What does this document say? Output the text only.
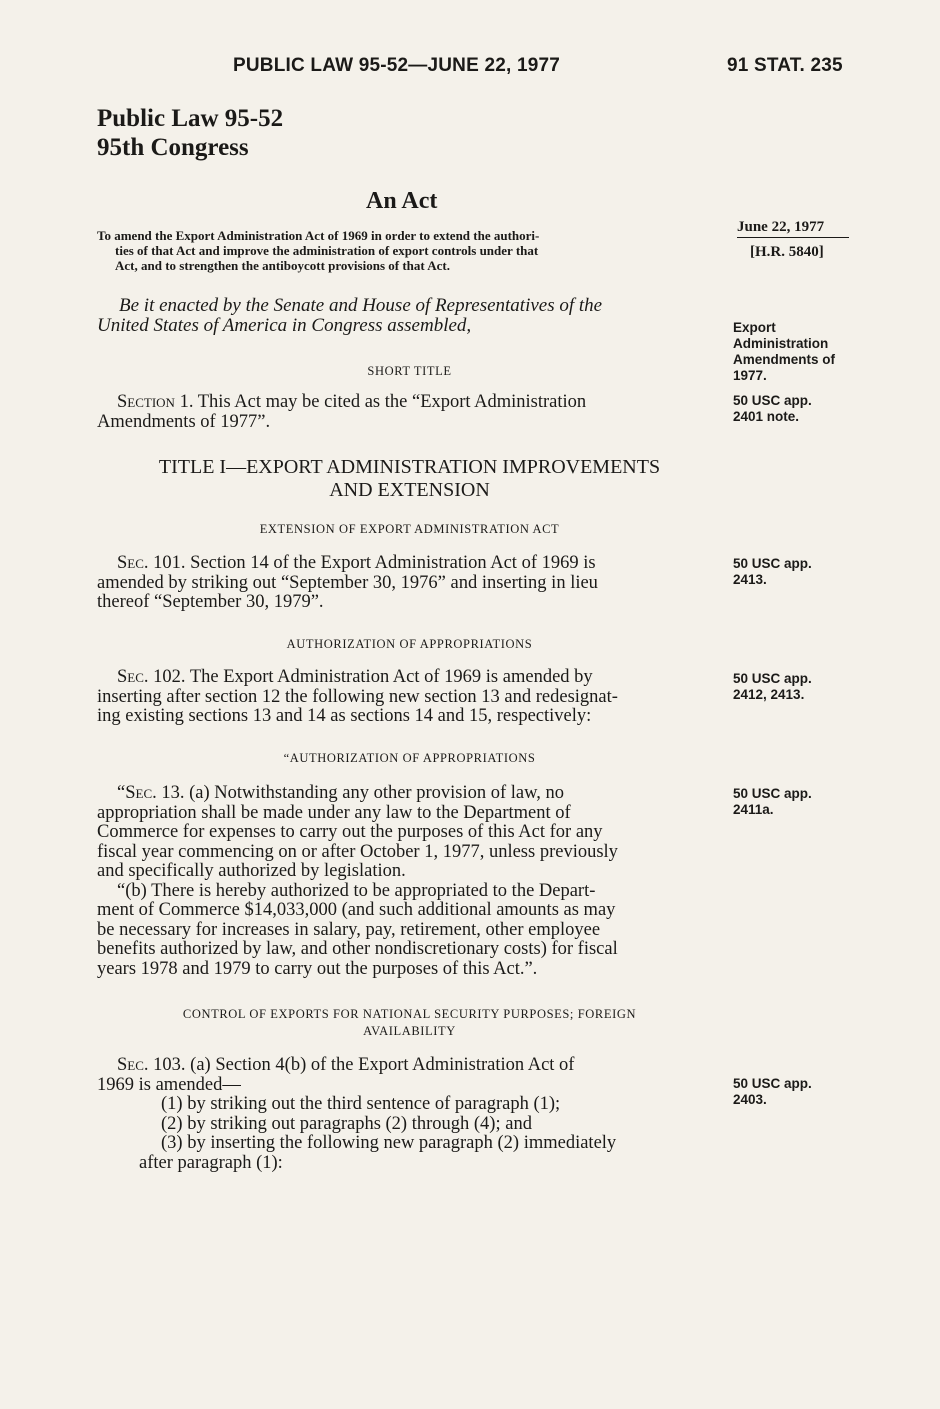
PUBLIC LAW 95-52—JUNE 22, 1977	91 STAT. 235
Public Law 95-52
95th Congress
An Act
To amend the Export Administration Act of 1969 in order to extend the authori-
ties of that Act and improve the administration of export controls under that
Act, and to strengthen the antiboycott provisions of that Act.
June 22, 1977
[H.R. 5840]
Be it enacted by the Senate and House of Representatives of the
United States of America in Congress assembled,	Export
Administration
Amendments of
1977.
SHORT TITLE
Section 1. This Act may be cited as the “Export Administration
Amendments of 1977”.
50 USC app.
2401 note.
TITLE I—EXPORT ADMINISTRATION IMPROVEMENTS
AND EXTENSION
EXTENSION OF EXPORT ADMINISTRATION ACT
Sec. 101. Section 14 of the Export Administration Act of 1969 is
amended by striking out “September 30, 1976” and inserting in lieu
thereof “September 30, 1979”.
50 USC app.
2413.
AUTHORIZATION OF APPROPRIATIONS
Sec. 102. The Export Administration Act of 1969 is amended by
inserting after section 12 the following new section 13 and redesignat-
ing existing sections 13 and 14 as sections 14 and 15, respectively:
50 USC app.
2412, 2413.
“AUTHORIZATION OF APPROPRIATIONS
“Sec. 13. (a) Notwithstanding any other provision of law, no
appropriation shall be made under any law to the Department of
Commerce for expenses to carry out the purposes of this Act for any
fiscal year commencing on or after October 1, 1977, unless previously
and specifically authorized by legislation.
“(b) There is hereby authorized to be appropriated to the Depart-
ment of Commerce $14,033,000 (and such additional amounts as may
be necessary for increases in salary, pay, retirement, other employee
benefits authorized by law, and other nondiscretionary costs) for fiscal
years 1978 and 1979 to carry out the purposes of this Act.”.
50 USC app.
2411a.
CONTROL OF EXPORTS FOR NATIONAL SECURITY PURPOSES; FOREIGN
AVAILABILITY
Sec. 103. (a) Section 4(b) of the Export Administration Act of
1969 is amended—
(1) by striking out the third sentence of paragraph (1);
(2) by striking out paragraphs (2) through (4); and
(3) by inserting the following new paragraph (2) immediately
after paragraph (1):
50 USC app.
2403.
